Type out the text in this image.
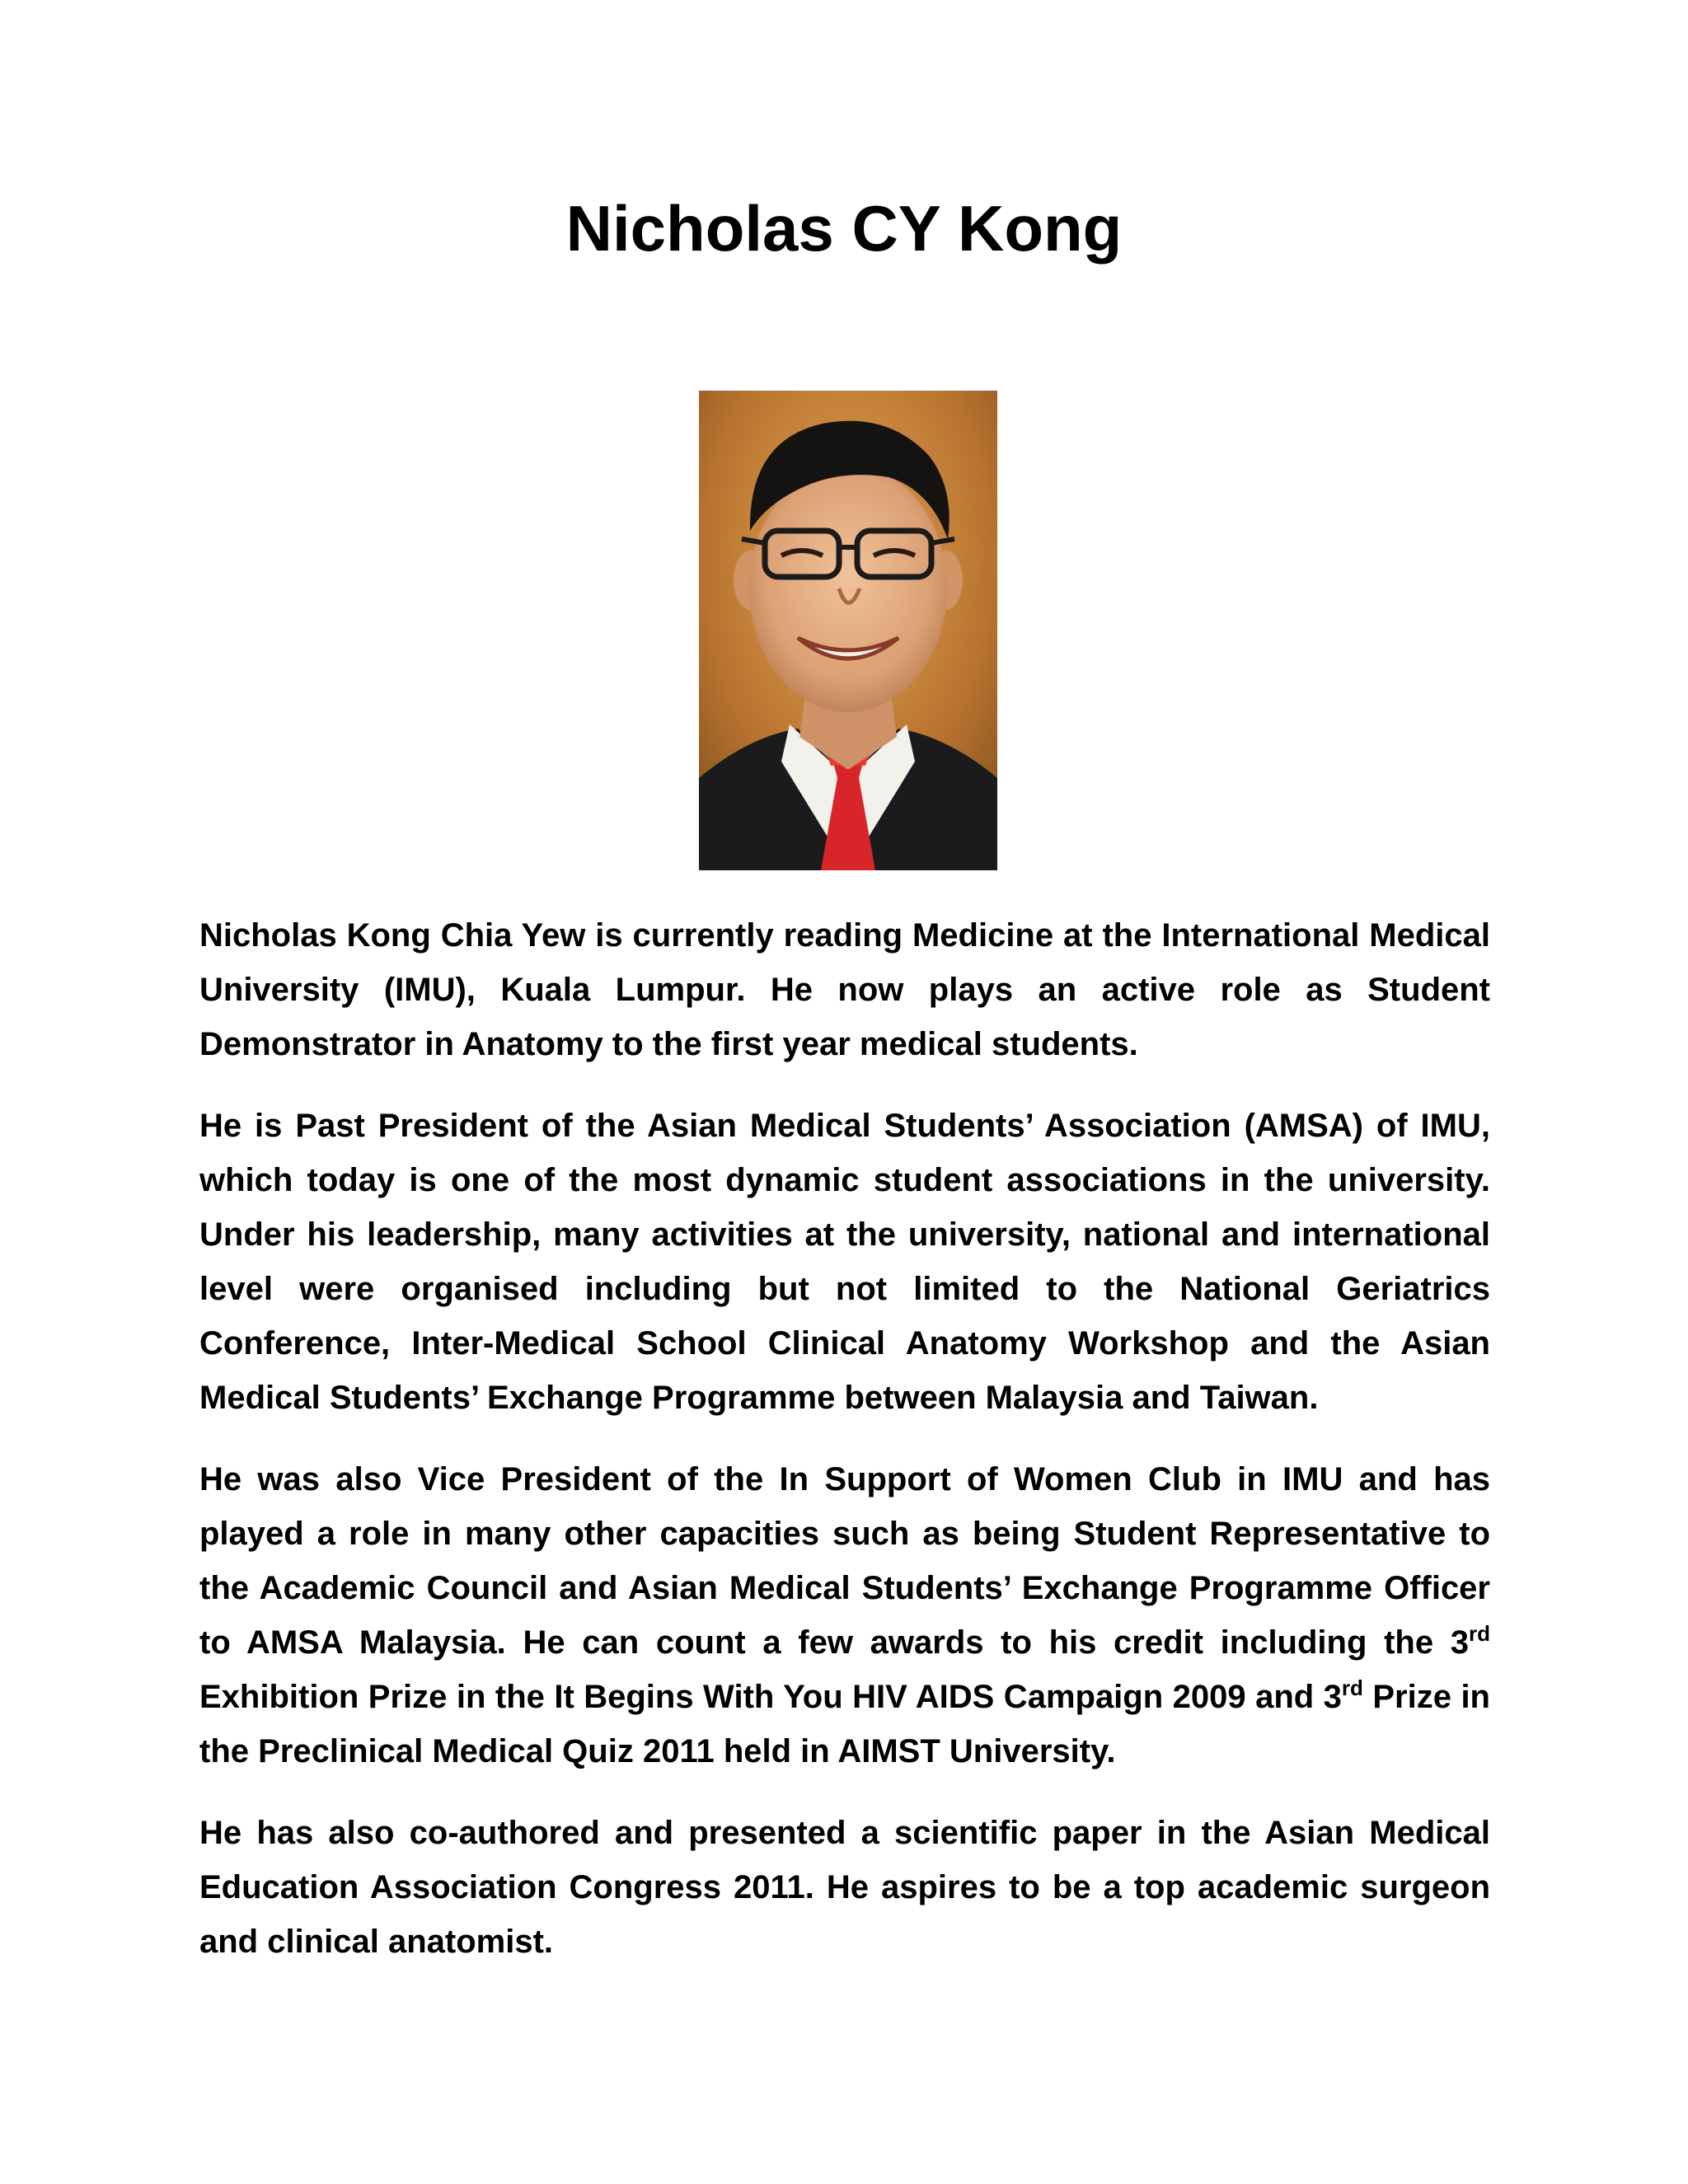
Nicholas CY Kong

Nicholas Kong Chia Yew is currently reading Medicine at the International Medical University (IMU), Kuala Lumpur. He now plays an active role as Student Demonstrator in Anatomy to the first year medical students.

He is Past President of the Asian Medical Students’ Association (AMSA) of IMU, which today is one of the most dynamic student associations in the university. Under his leadership, many activities at the university, national and international level were organised including but not limited to the National Geriatrics Conference, Inter-Medical School Clinical Anatomy Workshop and the Asian Medical Students’ Exchange Programme between Malaysia and Taiwan.

He was also Vice President of the In Support of Women Club in IMU and has played a role in many other capacities such as being Student Representative to the Academic Council and Asian Medical Students’ Exchange Programme Officer to AMSA Malaysia. He can count a few awards to his credit including the 3rd Exhibition Prize in the It Begins With You HIV AIDS Campaign 2009 and 3rd Prize in the Preclinical Medical Quiz 2011 held in AIMST University.

He has also co-authored and presented a scientific paper in the Asian Medical Education Association Congress 2011. He aspires to be a top academic surgeon and clinical anatomist.
